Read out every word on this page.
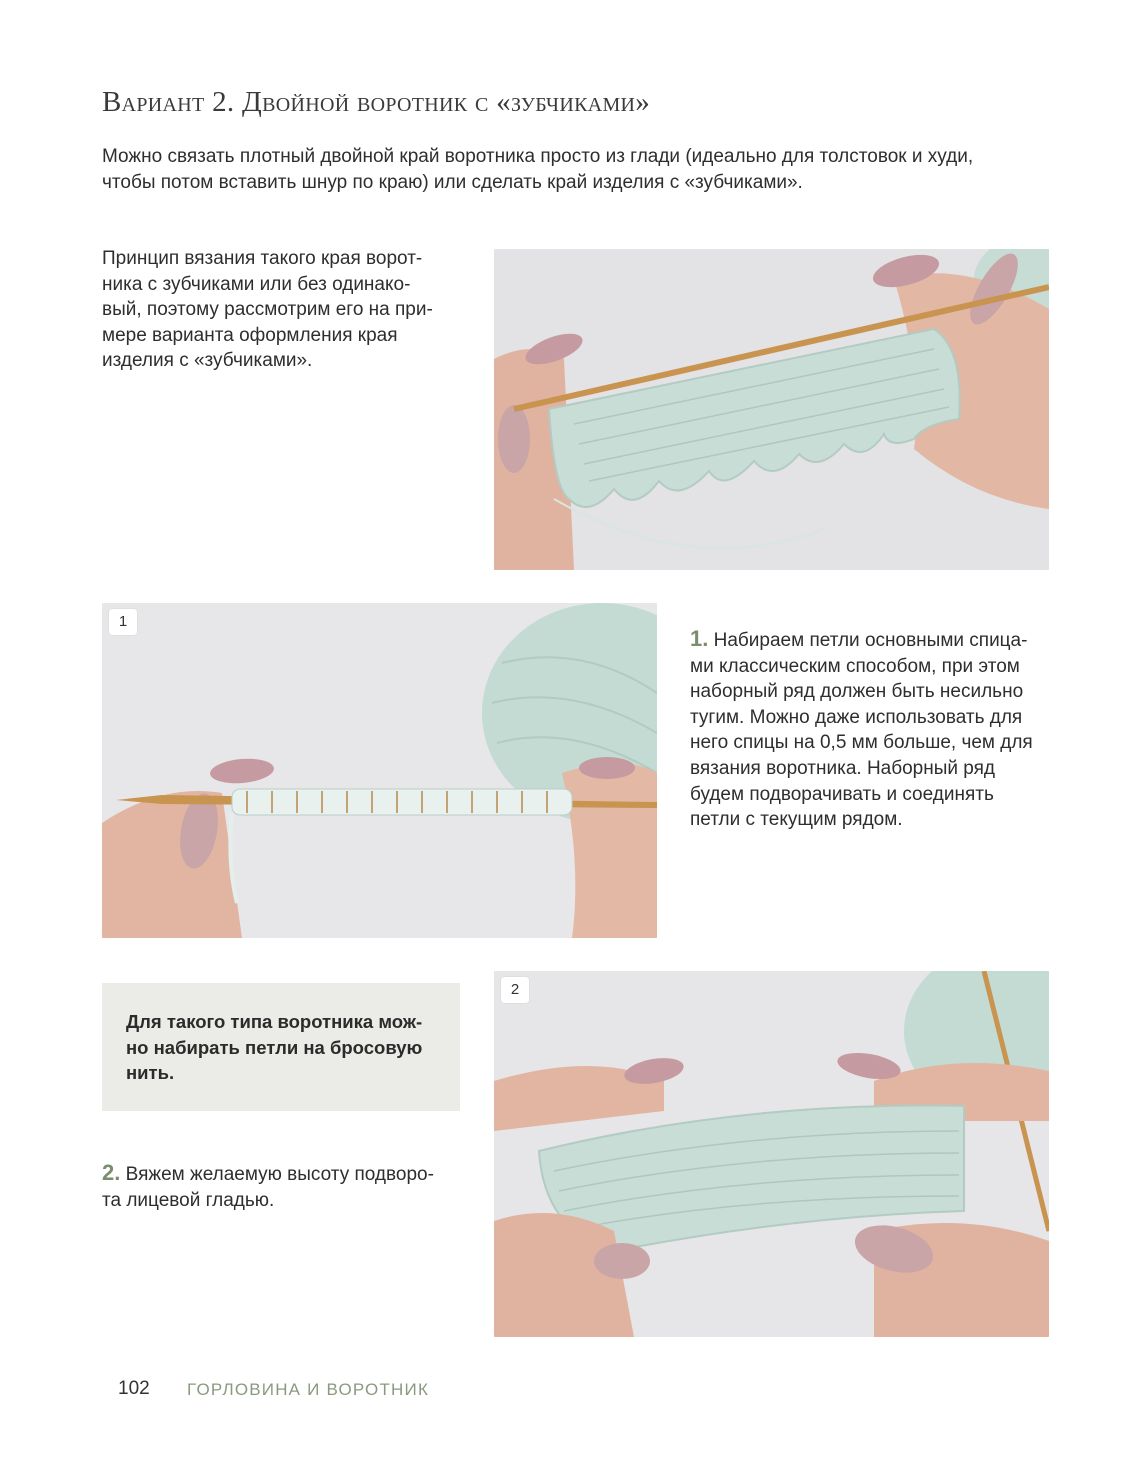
Вариант 2. Двойной воротник с «зубчиками»

Можно связать плотный двойной край воротника просто из глади (идеально для толстовок и худи,

чтобы потом вставить шнур по краю) или сделать край изделия с «зубчиками».

Принцип вязания такого края ворот-

ника с зубчиками или без одинако-

вый, поэтому рассмотрим его на при-

мере варианта оформления края

изделия с «зубчиками».

1

1. Набираем петли основными спица-

ми классическим способом, при этом

наборный ряд должен быть несильно

тугим. Можно даже использовать для

него спицы на 0,5 мм больше, чем для

вязания воротника. Наборный ряд

будем подворачивать и соединять

петли с текущим рядом.

Для такого типа воротника мож-

но набирать петли на бросовую

нить.

2

2. Вяжем желаемую высоту подворо-

та лицевой гладью.

102 ГОРЛОВИНА И ВОРОТНИК
